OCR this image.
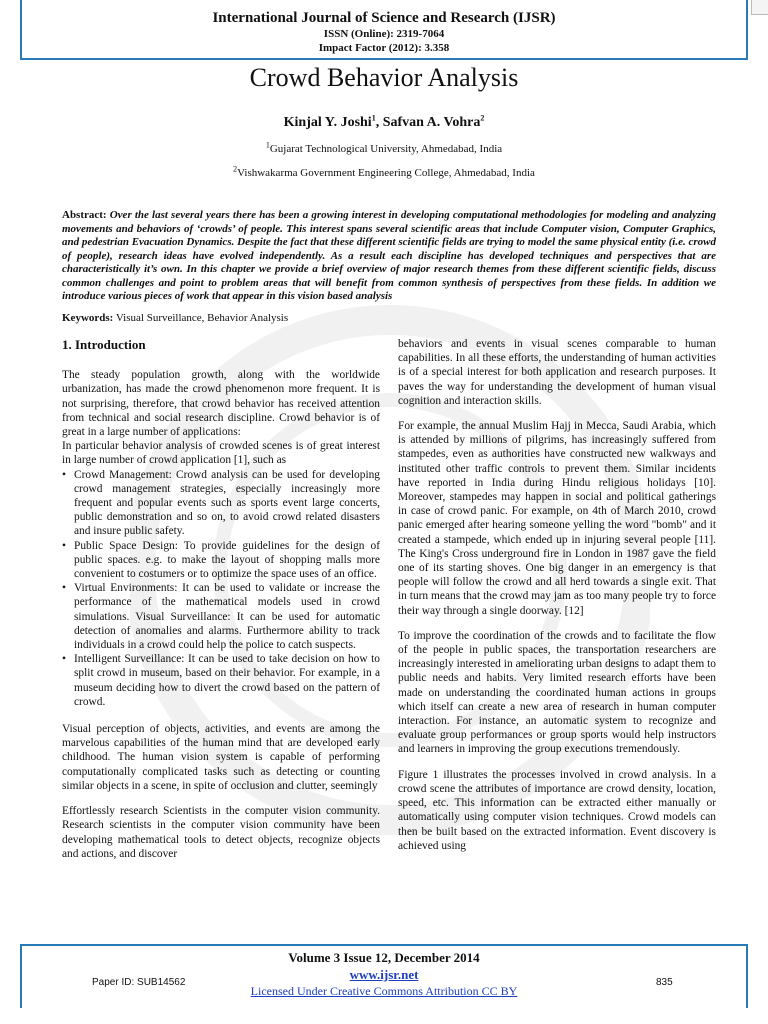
International Journal of Science and Research (IJSR)
ISSN (Online): 2319-7064
Impact Factor (2012): 3.358
Crowd Behavior Analysis
Kinjal Y. Joshi$^1$, Safvan A. Vohra$^2$
$^1$Gujarat Technological University, Ahmedabad, India
$^2$Vishwakarma Government Engineering College, Ahmedabad, India
Abstract: Over the last several years there has been a growing interest in developing computational methodologies for modeling and analyzing movements and behaviors of ‘crowds’ of people. This interest spans several scientific areas that include Computer vision, Computer Graphics, and pedestrian Evacuation Dynamics. Despite the fact that these different scientific fields are trying to model the same physical entity (i.e. crowd of people), research ideas have evolved independently. As a result each discipline has developed techniques and perspectives that are characteristically it’s own. In this chapter we provide a brief overview of major research themes from these different scientific fields, discuss common challenges and point to problem areas that will benefit from common synthesis of perspectives from these fields. In addition we introduce various pieces of work that appear in this vision based analysis
Keywords: Visual Surveillance, Behavior Analysis
1. Introduction

The steady population growth, along with the worldwide urbanization, has made the crowd phenomenon more frequent. It is not surprising, therefore, that crowd behavior has received attention from technical and social research discipline. Crowd behavior is of great in a large number of applications:

In particular behavior analysis of crowded scenes is of great interest in large number of crowd application [1], such as

• Crowd Management: Crowd analysis can be used for developing crowd management strategies, especially increasingly more frequent and popular events such as sports event large concerts, public demonstration and so on, to avoid crowd related disasters and insure public safety.
• Public Space Design: To provide guidelines for the design of public spaces. e.g. to make the layout of shopping malls more convenient to costumers or to optimize the space uses of an office.
• Virtual Environments: It can be used to validate or increase the performance of the mathematical models used in crowd simulations. Visual Surveillance: It can be used for automatic detection of anomalies and alarms. Furthermore ability to track individuals in a crowd could help the police to catch suspects.
• Intelligent Surveillance: It can be used to take decision on how to split crowd in museum, based on their behavior. For example, in a museum deciding how to divert the crowd based on the pattern of crowd.

Visual perception of objects, activities, and events are among the marvelous capabilities of the human mind that are developed early childhood. The human vision system is capable of performing computationally complicated tasks such as detecting or counting similar objects in a scene, in spite of occlusion and clutter, seemingly

Effortlessly research Scientists in the computer vision community. Research scientists in the computer vision community have been developing mathematical tools to detect objects, recognize objects and actions, and discover

behaviors and events in visual scenes comparable to human capabilities. In all these efforts, the understanding of human activities is of a special interest for both application and research purposes. It paves the way for understanding the development of human visual cognition and interaction skills.

For example, the annual Muslim Hajj in Mecca, Saudi Arabia, which is attended by millions of pilgrims, has increasingly suffered from stampedes, even as authorities have constructed new walkways and instituted other traffic controls to prevent them. Similar incidents have reported in India during Hindu religious holidays [10]. Moreover, stampedes may happen in social and political gatherings in case of crowd panic. For example, on 4th of March 2010, crowd panic emerged after hearing someone yelling the word "bomb" and it created a stampede, which ended up in injuring several people [11]. The King's Cross underground fire in London in 1987 gave the field one of its starting shoves. One big danger in an emergency is that people will follow the crowd and all herd towards a single exit. That in turn means that the crowd may jam as too many people try to force their way through a single doorway. [12]

To improve the coordination of the crowds and to facilitate the flow of the people in public spaces, the transportation researchers are increasingly interested in ameliorating urban designs to adapt them to public needs and habits. Very limited research efforts have been made on understanding the coordinated human actions in groups which itself can create a new area of research in human computer interaction. For instance, an automatic system to recognize and evaluate group performances or group sports would help instructors and learners in improving the group executions tremendously.

Figure 1 illustrates the processes involved in crowd analysis. In a crowd scene the attributes of importance are crowd density, location, speed, etc. This information can be extracted either manually or automatically using computer vision techniques. Crowd models can then be built based on the extracted information. Event discovery is achieved using

Volume 3 Issue 12, December 2014
www.ijsr.net
Licensed Under Creative Commons Attribution CC BY
Paper ID: SUB14562	835
